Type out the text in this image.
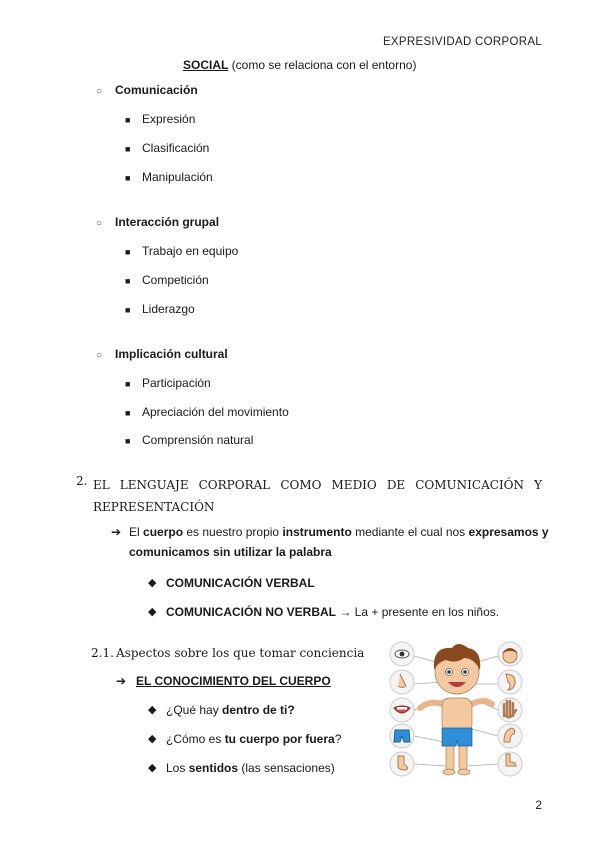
EXPRESIVIDAD CORPORAL
SOCIAL (como se relaciona con el entorno)
○ Comunicación
■ Expresión
■ Clasificación
■ Manipulación
○ Interacción grupal
■ Trabajo en equipo
■ Competición
■ Liderazgo
○ Implicación cultural
■ Participación
■ Apreciación del movimiento
■ Comprensión natural
2. EL LENGUAJE CORPORAL COMO MEDIO DE COMUNICACIÓN Y
REPRESENTACIÓN
➔ El cuerpo es nuestro propio instrumento mediante el cual nos expresamos y
comunicamos sin utilizar la palabra
◆ COMUNICACIÓN VERBAL
◆ COMUNICACIÓN NO VERBAL → La + presente en los niños.
2.1. Aspectos sobre los que tomar conciencia
➔ EL CONOCIMIENTO DEL CUERPO
◆ ¿Qué hay dentro de ti?
◆ ¿Cómo es tu cuerpo por fuera?
◆ Los sentidos (las sensaciones)
2
